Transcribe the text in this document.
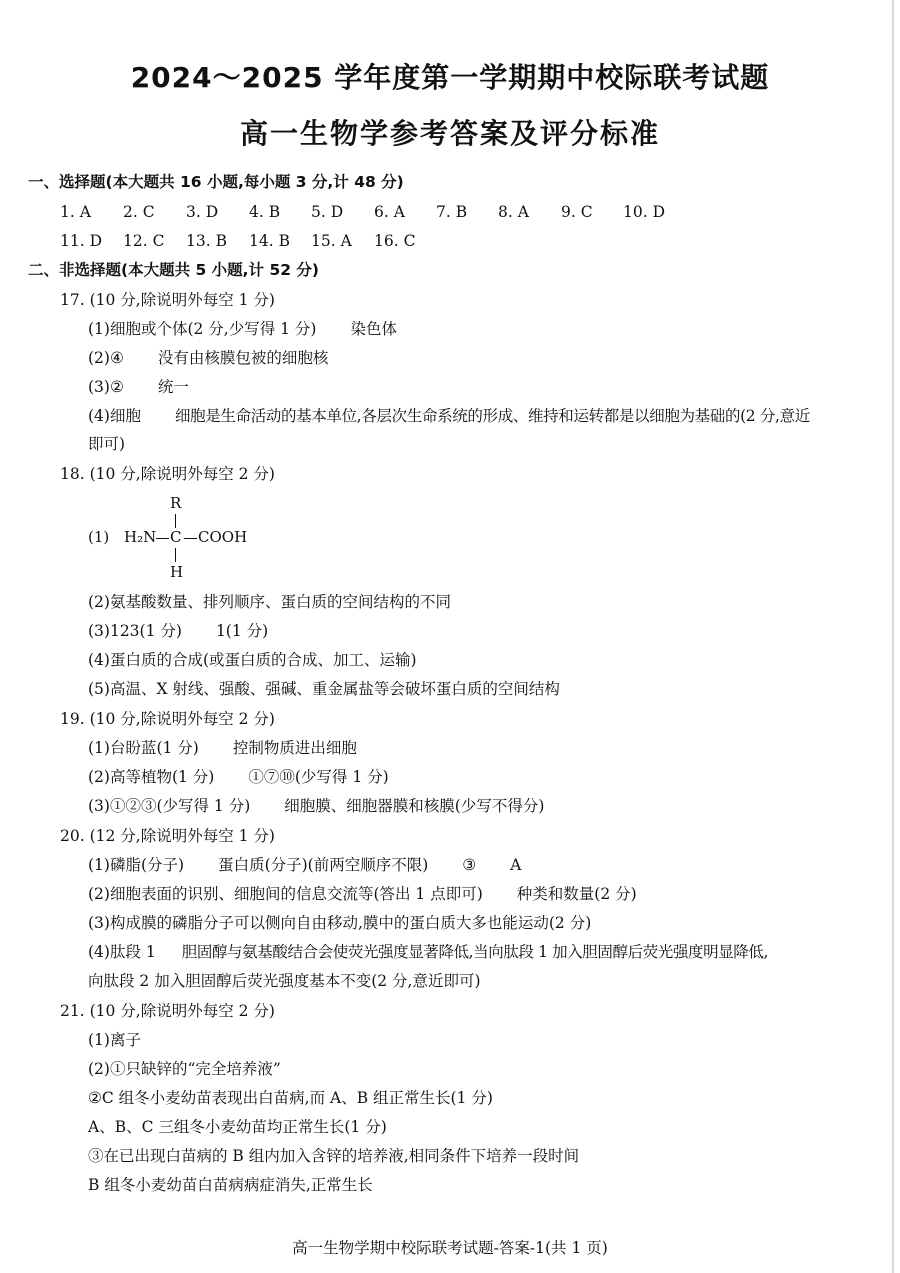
2024～2025 学年度第一学期期中校际联考试题
高一生物学参考答案及评分标准
一、选择题(本大题共 16 小题,每小题 3 分,计 48 分)
1. A 2. C 3. D 4. B 5. D 6. A 7. B 8. A 9. C 10. D
11. D 12. C 13. B 14. B 15. A 16. C
二、非选择题(本大题共 5 小题,计 52 分)
17. (10 分,除说明外每空 1 分)
(1)细胞或个体(2 分,少写得 1 分) 染色体
(2)④ 没有由核膜包被的细胞核
(3)② 统一
(4)细胞 细胞是生命活动的基本单位,各层次生命系统的形成、维持和运转都是以细胞为基础的(2 分,意近
即可)
18. (10 分,除说明外每空 2 分)
(1)
R
H₂N C COOH
H
(2)氨基酸数量、排列顺序、蛋白质的空间结构的不同
(3)123(1 分) 1(1 分)
(4)蛋白质的合成(或蛋白质的合成、加工、运输)
(5)高温、X 射线、强酸、强碱、重金属盐等会破坏蛋白质的空间结构
19. (10 分,除说明外每空 2 分)
(1)台盼蓝(1 分) 控制物质进出细胞
(2)高等植物(1 分) ①⑦⑩(少写得 1 分)
(3)①②③(少写得 1 分) 细胞膜、细胞器膜和核膜(少写不得分)
20. (12 分,除说明外每空 1 分)
(1)磷脂(分子) 蛋白质(分子)(前两空顺序不限) ③ A
(2)细胞表面的识别、细胞间的信息交流等(答出 1 点即可) 种类和数量(2 分)
(3)构成膜的磷脂分子可以侧向自由移动,膜中的蛋白质大多也能运动(2 分)
(4)肽段 1 胆固醇与氨基酸结合会使荧光强度显著降低,当向肽段 1 加入胆固醇后荧光强度明显降低,
向肽段 2 加入胆固醇后荧光强度基本不变(2 分,意近即可)
21. (10 分,除说明外每空 2 分)
(1)离子
(2)①只缺锌的“完全培养液”
②C 组冬小麦幼苗表现出白苗病,而 A、B 组正常生长(1 分)
A、B、C 三组冬小麦幼苗均正常生长(1 分)
③在已出现白苗病的 B 组内加入含锌的培养液,相同条件下培养一段时间
B 组冬小麦幼苗白苗病病症消失,正常生长
高一生物学期中校际联考试题-答案-1(共 1 页)
